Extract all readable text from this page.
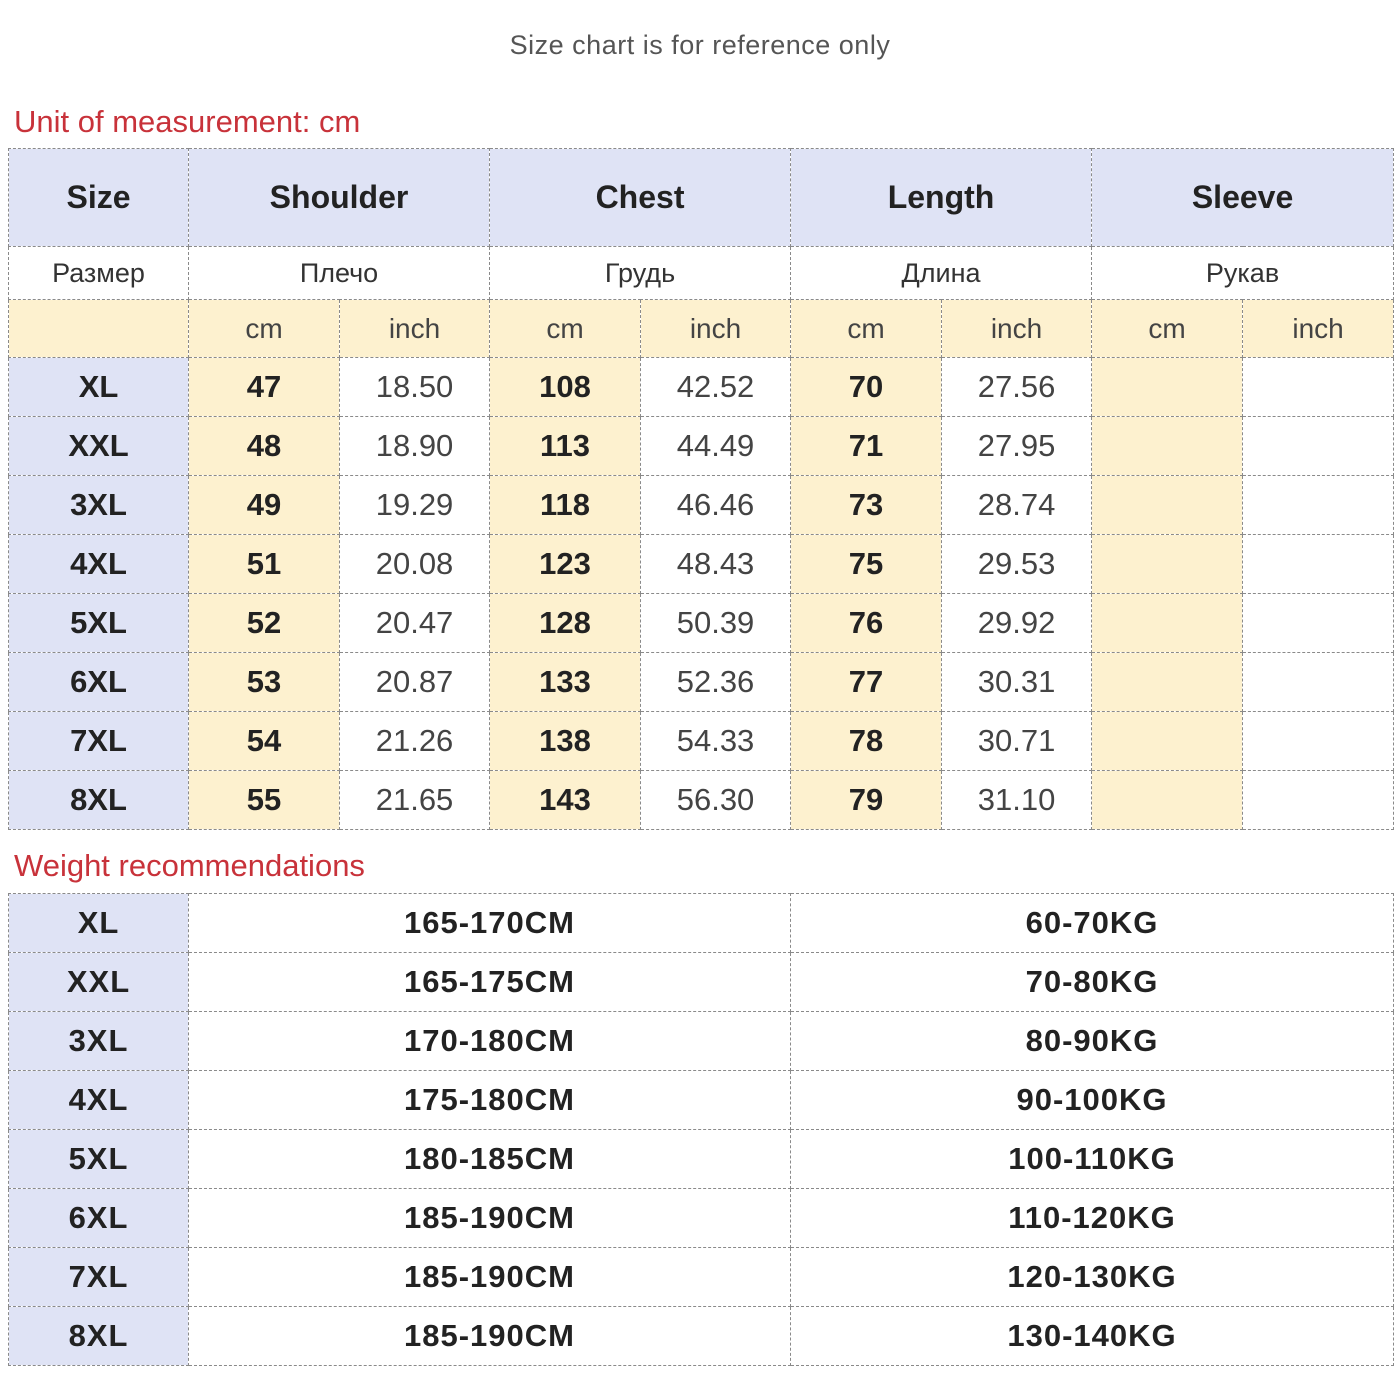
Size chart is for reference only
Unit of measurement: cm
Size	Shoulder		Chest		Length		Sleeve	
Размер	Плечо		Грудь		Длина		Рукав	
	cm	inch	cm	inch	cm	inch	cm	inch
XL	47	18.50	108	42.52	70	27.56		
XXL	48	18.90	113	44.49	71	27.95		
3XL	49	19.29	118	46.46	73	28.74		
4XL	51	20.08	123	48.43	75	29.53		
5XL	52	20.47	128	50.39	76	29.92		
6XL	53	20.87	133	52.36	77	30.31		
7XL	54	21.26	138	54.33	78	30.71		
8XL	55	21.65	143	56.30	79	31.10		
Weight recommendations
XL	165-170CM	60-70KG
XXL	165-175CM	70-80KG
3XL	170-180CM	80-90KG
4XL	175-180CM	90-100KG
5XL	180-185CM	100-110KG
6XL	185-190CM	110-120KG
7XL	185-190CM	120-130KG
8XL	185-190CM	130-140KG
